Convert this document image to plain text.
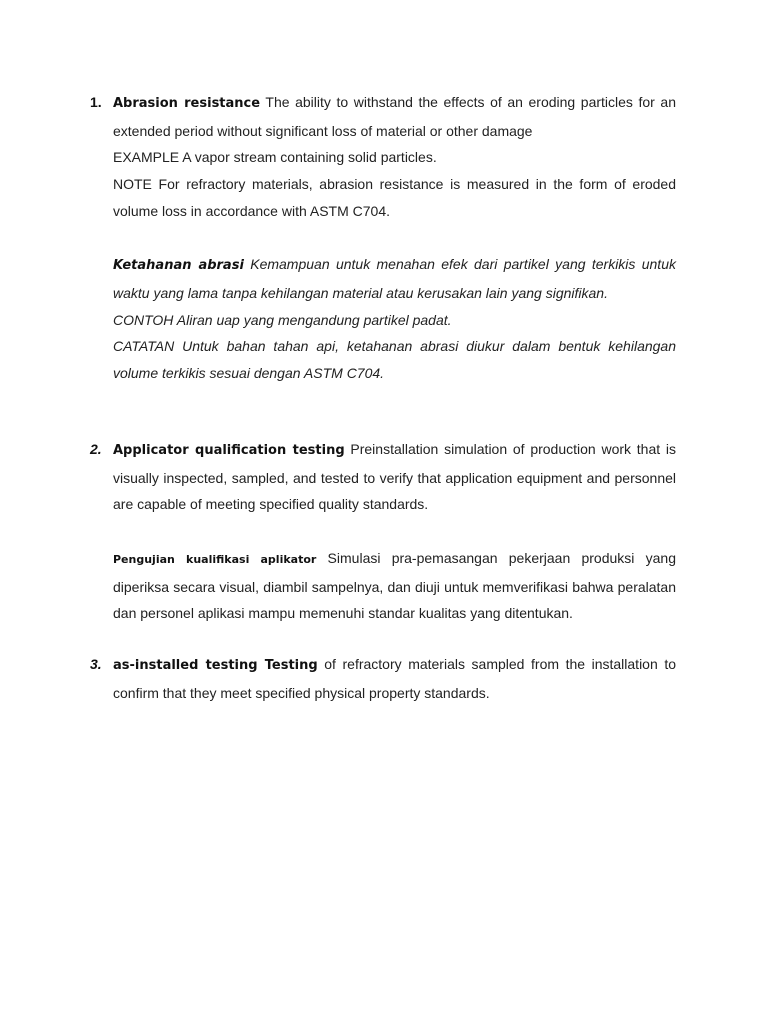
1. Abrasion resistance The ability to withstand the effects of an eroding particles for an extended period without significant loss of material or other damage
EXAMPLE A vapor stream containing solid particles.
NOTE For refractory materials, abrasion resistance is measured in the form of eroded volume loss in accordance with ASTM C704.
Ketahanan abrasi Kemampuan untuk menahan efek dari partikel yang terkikis untuk waktu yang lama tanpa kehilangan material atau kerusakan lain yang signifikan.
CONTOH Aliran uap yang mengandung partikel padat.
CATATAN Untuk bahan tahan api, ketahanan abrasi diukur dalam bentuk kehilangan volume terkikis sesuai dengan ASTM C704.
2. Applicator qualification testing Preinstallation simulation of production work that is visually inspected, sampled, and tested to verify that application equipment and personnel are capable of meeting specified quality standards.
Pengujian kualifikasi aplikator Simulasi pra-pemasangan pekerjaan produksi yang diperiksa secara visual, diambil sampelnya, dan diuji untuk memverifikasi bahwa peralatan dan personel aplikasi mampu memenuhi standar kualitas yang ditentukan.
3. as-installed testing Testing of refractory materials sampled from the installation to confirm that they meet specified physical property standards.
